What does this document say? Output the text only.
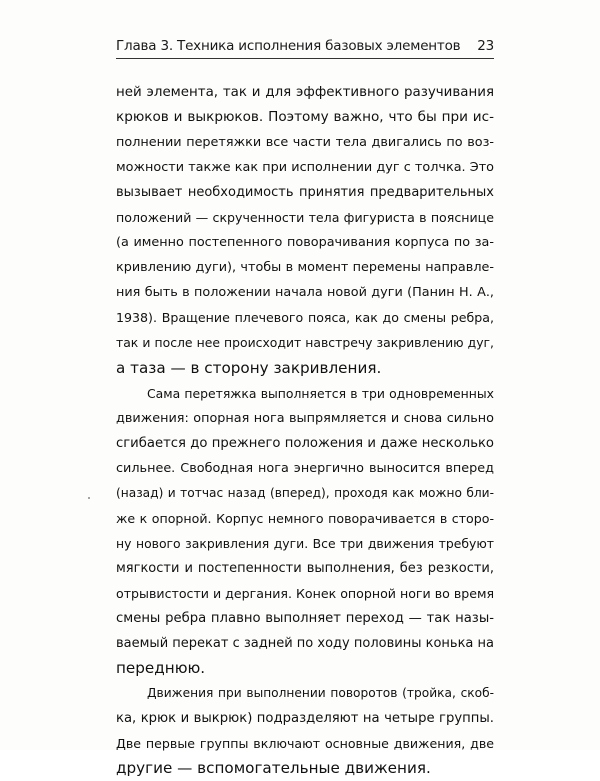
Глава 3. Техника исполнения базовых элементов 23
ней элемента, так и для эффективного разучивания
крюков и выкрюков. Поэтому важно, что бы при ис-
полнении перетяжки все части тела двигались по воз-
можности также как при исполнении дуг с толчка. Это
вызывает необходимость принятия предварительных
положений — скрученности тела фигуриста в пояснице
(а именно постепенного поворачивания корпуса по за-
кривлению дуги), чтобы в момент перемены направле-
ния быть в положении начала новой дуги (Панин Н. А.,
1938). Вращение плечевого пояса, как до смены ребра,
так и после нее происходит навстречу закривлению дуг,
а таза — в сторону закривления.
Сама перетяжка выполняется в три одновременных
движения: опорная нога выпрямляется и снова сильно
сгибается до прежнего положения и даже несколько
сильнее. Свободная нога энергично выносится вперед
(назад) и тотчас назад (вперед), проходя как можно бли-
же к опорной. Корпус немного поворачивается в сторо-
ну нового закривления дуги. Все три движения требуют
мягкости и постепенности выполнения, без резкости,
отрывистости и дергания. Конек опорной ноги во время
смены ребра плавно выполняет переход — так назы-
ваемый перекат с задней по ходу половины конька на
переднюю.
Движения при выполнении поворотов (тройка, скоб-
ка, крюк и выкрюк) подразделяют на четыре группы.
Две первые группы включают основные движения, две
другие — вспомогательные движения.
